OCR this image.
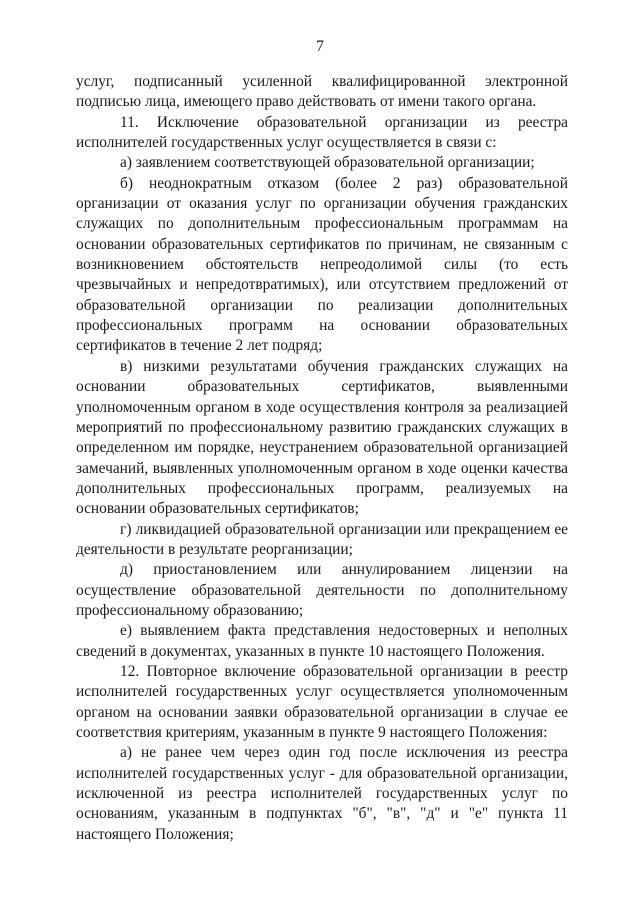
7

услуг, подписанный усиленной квалифицированной электронной подписью лица, имеющего право действовать от имени такого органа.

11. Исключение образовательной организации из реестра исполнителей государственных услуг осуществляется в связи с:

а) заявлением соответствующей образовательной организации;

б) неоднократным отказом (более 2 раз) образовательной организации от оказания услуг по организации обучения гражданских служащих по дополнительным профессиональным программам на основании образовательных сертификатов по причинам, не связанным с возникновением обстоятельств непреодолимой силы (то есть чрезвычайных и непредотвратимых), или отсутствием предложений от образовательной организации по реализации дополнительных профессиональных программ на основании образовательных сертификатов в течение 2 лет подряд;

в) низкими результатами обучения гражданских служащих на основании образовательных сертификатов, выявленными уполномоченным органом в ходе осуществления контроля за реализацией мероприятий по профессиональному развитию гражданских служащих в определенном им порядке, неустранением образовательной организацией замечаний, выявленных уполномоченным органом в ходе оценки качества дополнительных профессиональных программ, реализуемых на основании образовательных сертификатов;

г) ликвидацией образовательной организации или прекращением ее деятельности в результате реорганизации;

д) приостановлением или аннулированием лицензии на осуществление образовательной деятельности по дополнительному профессиональному образованию;

е) выявлением факта представления недостоверных и неполных сведений в документах, указанных в пункте 10 настоящего Положения.

12. Повторное включение образовательной организации в реестр исполнителей государственных услуг осуществляется уполномоченным органом на основании заявки образовательной организации в случае ее соответствия критериям, указанным в пункте 9 настоящего Положения:

а) не ранее чем через один год после исключения из реестра исполнителей государственных услуг - для образовательной организации, исключенной из реестра исполнителей государственных услуг по основаниям, указанным в подпунктах "б", "в", "д" и "е" пункта 11 настоящего Положения;
